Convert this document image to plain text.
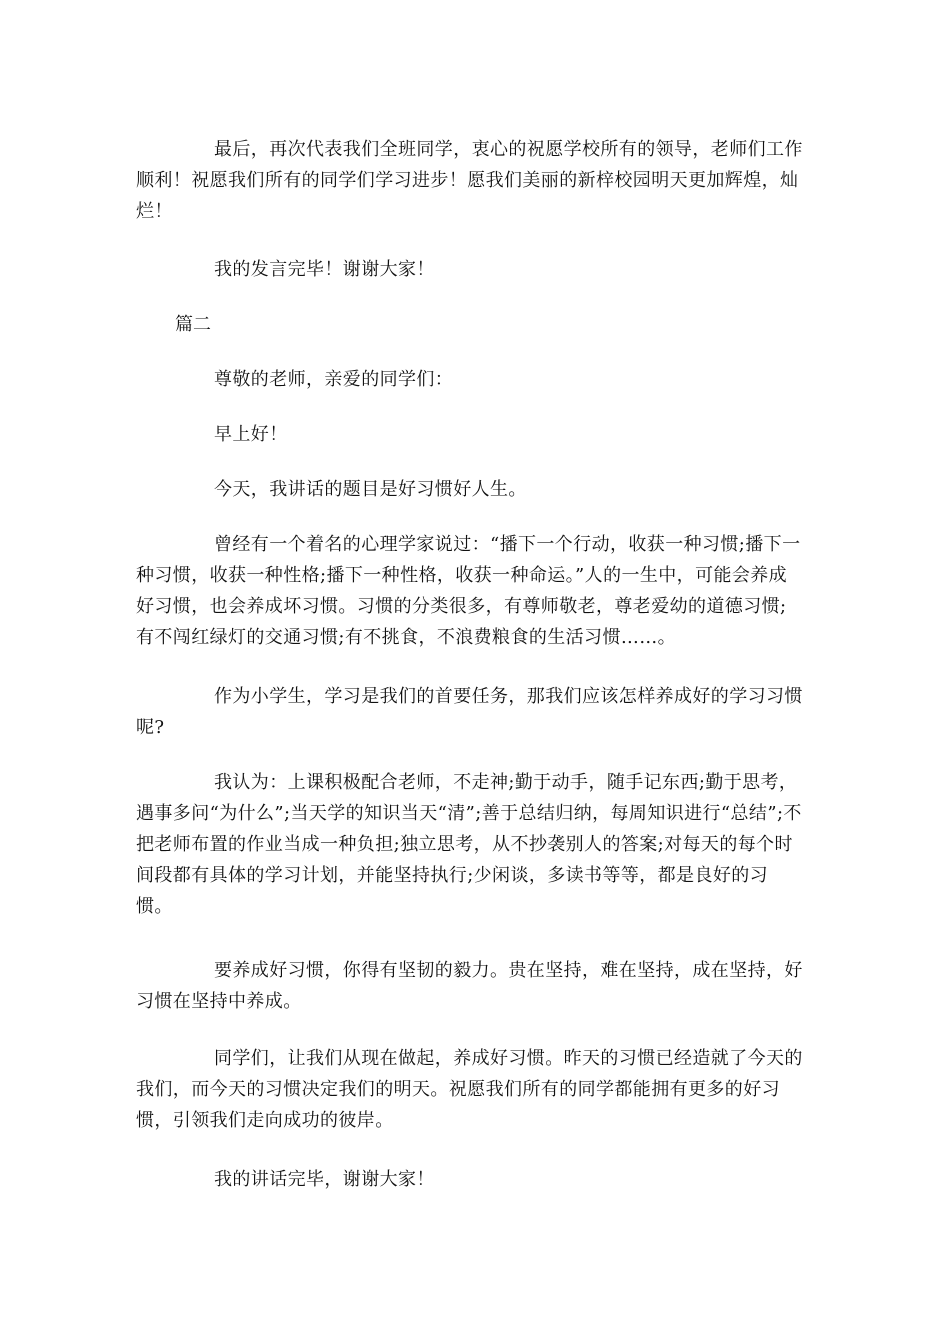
最后，再次代表我们全班同学，衷心的祝愿学校所有的领导，老师们工作顺利！祝愿我们所有的同学们学习进步！愿我们美丽的新梓校园明天更加辉煌，灿烂！

我的发言完毕！谢谢大家！

篇二

尊敬的老师，亲爱的同学们：

早上好！

今天，我讲话的题目是好习惯好人生。

曾经有一个着名的心理学家说过：“播下一个行动，收获一种习惯;播下一种习惯，收获一种性格;播下一种性格，收获一种命运。”人的一生中，可能会养成好习惯，也会养成坏习惯。习惯的分类很多，有尊师敬老，尊老爱幼的道德习惯;有不闯红绿灯的交通习惯;有不挑食，不浪费粮食的生活习惯……。

作为小学生，学习是我们的首要任务，那我们应该怎样养成好的学习习惯呢?

我认为：上课积极配合老师，不走神;勤于动手，随手记东西;勤于思考，遇事多问“为什么”;当天学的知识当天“清”;善于总结归纳，每周知识进行“总结”;不把老师布置的作业当成一种负担;独立思考，从不抄袭别人的答案;对每天的每个时间段都有具体的学习计划，并能坚持执行;少闲谈，多读书等等，都是良好的习惯。

要养成好习惯，你得有坚韧的毅力。贵在坚持，难在坚持，成在坚持，好习惯在坚持中养成。

同学们，让我们从现在做起，养成好习惯。昨天的习惯已经造就了今天的我们，而今天的习惯决定我们的明天。祝愿我们所有的同学都能拥有更多的好习惯，引领我们走向成功的彼岸。

我的讲话完毕，谢谢大家！
